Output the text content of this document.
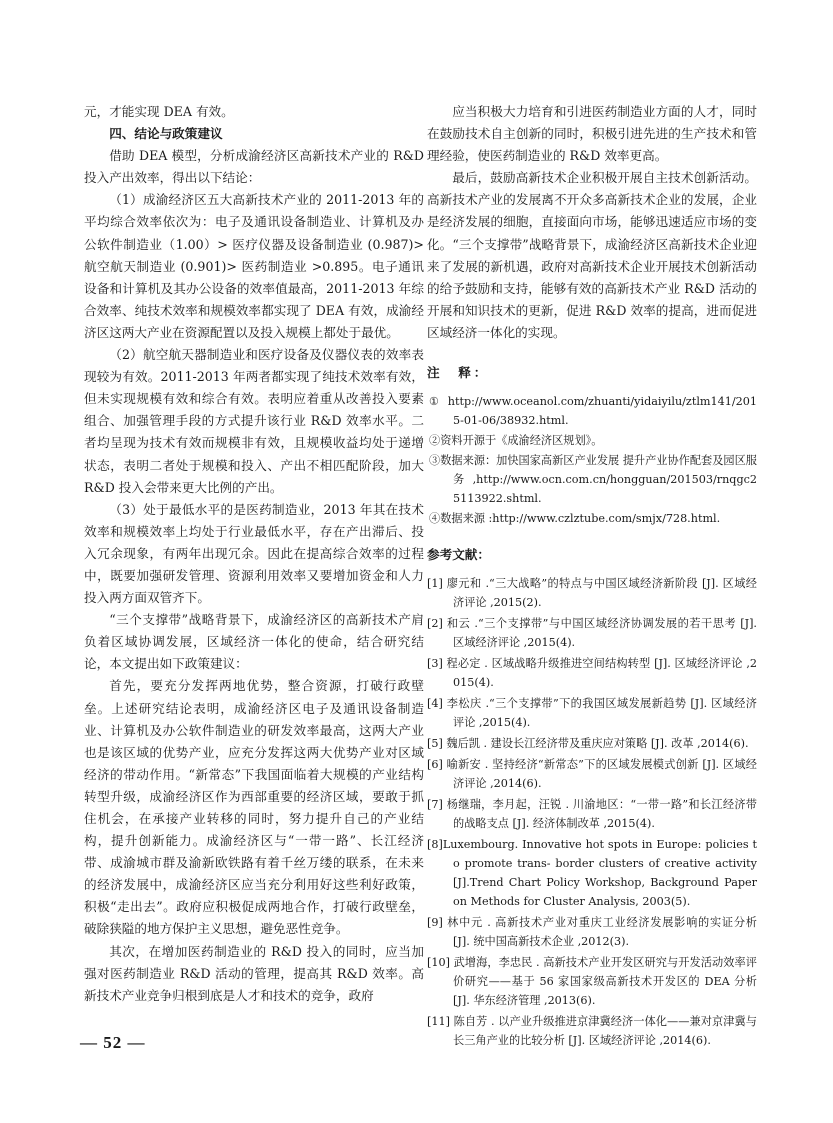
元，才能实现 DEA 有效。

四、结论与政策建议

借助 DEA 模型，分析成渝经济区高新技术产业的 R&D 投入产出效率，得出以下结论：

（1）成渝经济区五大高新技术产业的 2011-2013 年的平均综合效率依次为：电子及通讯设备制造业、计算机及办公软件制造业（1.00）> 医疗仪器及设备制造业 (0.987)> 航空航天制造业 (0.901)> 医药制造业 >0.895。电子通讯设备和计算机及其办公设备的效率值最高，2011-2013 年综合效率、纯技术效率和规模效率都实现了 DEA 有效，成渝经济区这两大产业在资源配置以及投入规模上都处于最优。

（2）航空航天器制造业和医疗设备及仪器仪表的效率表现较为有效。2011-2013 年两者都实现了纯技术效率有效，但未实现规模有效和综合有效。表明应着重从改善投入要素组合、加强管理手段的方式提升该行业 R&D 效率水平。二者均呈现为技术有效而规模非有效，且规模收益均处于递增状态，表明二者处于规模和投入、产出不相匹配阶段，加大 R&D 投入会带来更大比例的产出。

（3）处于最低水平的是医药制造业，2013 年其在技术效率和规模效率上均处于行业最低水平，存在产出滞后、投入冗余现象，有两年出现冗余。因此在提高综合效率的过程中，既要加强研发管理、资源利用效率又要增加资金和人力投入两方面双管齐下。

“三个支撑带”战略背景下，成渝经济区的高新技术产肩负着区域协调发展，区域经济一体化的使命，结合研究结论，本文提出如下政策建议：

首先，要充分发挥两地优势，整合资源，打破行政壁垒。上述研究结论表明，成渝经济区电子及通讯设备制造业、计算机及办公软件制造业的研发效率最高，这两大产业也是该区域的优势产业，应充分发挥这两大优势产业对区域经济的带动作用。“新常态”下我国面临着大规模的产业结构转型升级，成渝经济区作为西部重要的经济区域，要敢于抓住机会，在承接产业转移的同时，努力提升自己的产业结构，提升创新能力。成渝经济区与“一带一路”、长江经济带、成渝城市群及渝新欧铁路有着千丝万缕的联系，在未来的经济发展中，成渝经济区应当充分利用好这些利好政策，积极“走出去”。政府应积极促成两地合作，打破行政壁垒，破除狭隘的地方保护主义思想，避免恶性竞争。

其次，在增加医药制造业的 R&D 投入的同时，应当加强对医药制造业 R&D 活动的管理，提高其 R&D 效率。高新技术产业竞争归根到底是人才和技术的竞争，政府

应当积极大力培育和引进医药制造业方面的人才，同时在鼓励技术自主创新的同时，积极引进先进的生产技术和管理经验，使医药制造业的 R&D 效率更高。

最后，鼓励高新技术企业积极开展自主技术创新活动。高新技术产业的发展离不开众多高新技术企业的发展，企业是经济发展的细胞，直接面向市场，能够迅速适应市场的变化。“三个支撑带”战略背景下，成渝经济区高新技术企业迎来了发展的新机遇，政府对高新技术企业开展技术创新活动的给予鼓励和支持，能够有效的高新技术产业 R&D 活动的开展和知识技术的更新，促进 R&D 效率的提高，进而促进区域经济一体化的实现。

注　释：

① http://www.oceanol.com/zhuanti/yidaiyilu/ztlm141/2015-01-06/38932.html.

②资料开源于《成渝经济区规划》。

③数据来源：加快国家高新区产业发展 提升产业协作配套及园区服务 ,http://www.ocn.com.cn/hongguan/201503/rnqgc25113922.shtml.

④数据来源 :http://www.czlztube.com/smjx/728.html.

参考文献：

[1] 廖元和 .“三大战略”的特点与中国区域经济新阶段 [J]. 区域经济评论 ,2015(2).

[2] 和云 .“三个支撑带”与中国区域经济协调发展的若干思考 [J]. 区域经济评论 ,2015(4).

[3] 程必定 . 区域战略升级推进空间结构转型 [J]. 区域经济评论 ,2015(4).

[4] 李松庆 .“三个支撑带”下的我国区域发展新趋势 [J]. 区域经济评论 ,2015(4).

[5] 魏后凯 . 建设长江经济带及重庆应对策略 [J]. 改革 ,2014(6).

[6] 喻新安 . 坚持经济“新常态”下的区域发展模式创新 [J]. 区域经济评论 ,2014(6).

[7] 杨继瑞，李月起，汪锐 . 川渝地区：“一带一路”和长江经济带的战略支点 [J]. 经济体制改革 ,2015(4).

[8]Luxembourg. Innovative hot spots in Europe: policies to promote trans- border clusters of creative activity [J].Trend Chart Policy Workshop, Background Paper on Methods for Cluster Analysis, 2003(5).

[9] 林中元 . 高新技术产业对重庆工业经济发展影响的实证分析 [J]. 统中国高新技术企业 ,2012(3).

[10] 武增海，李忠民 . 高新技术产业开发区研究与开发活动效率评价研究——基于 56 家国家级高新技术开发区的 DEA 分析 [J]. 华东经济管理 ,2013(6).

[11] 陈自芳 . 以产业升级推进京津冀经济一体化——兼对京津冀与长三角产业的比较分析 [J]. 区域经济评论 ,2014(6).

— 52 —
